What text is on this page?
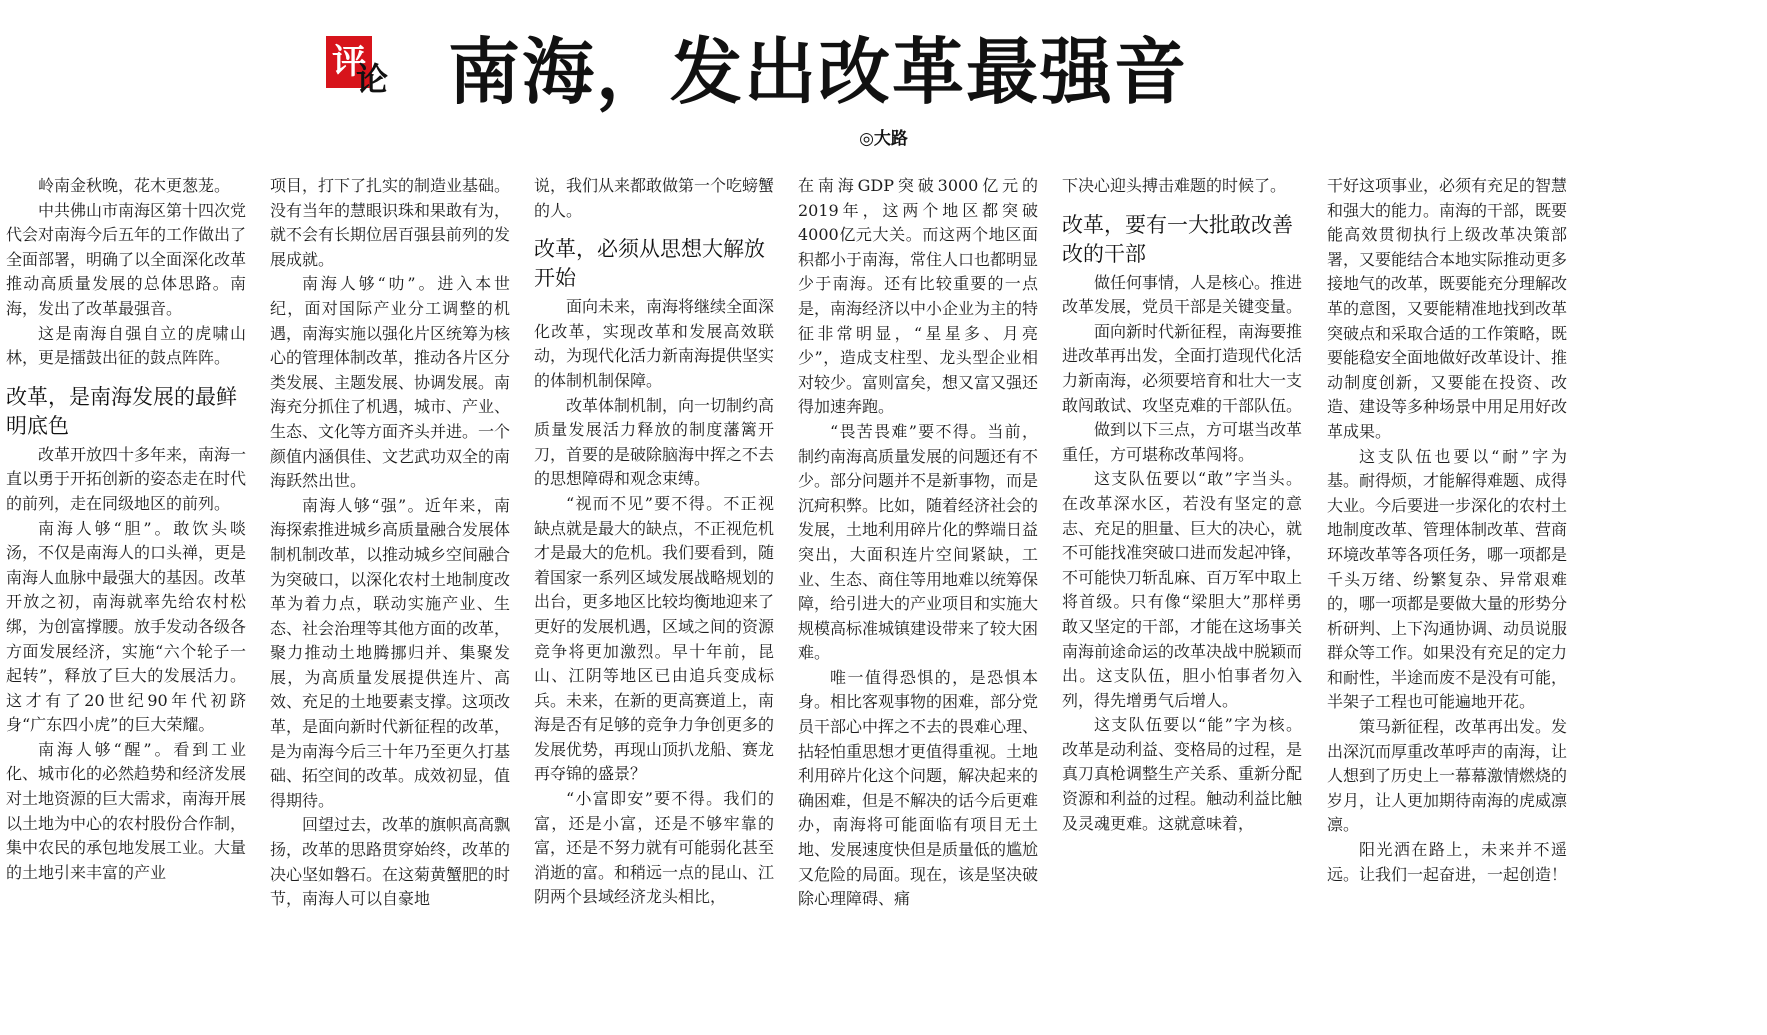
评
论 南海，发出改革最强音
◎大路

岭南金秋晚，花木更葱茏。

中共佛山市南海区第十四次党代会对南海今后五年的工作做出了全面部署，明确了以全面深化改革推动高质量发展的总体思路。南海，发出了改革最强音。

这是南海自强自立的虎啸山林，更是擂鼓出征的鼓点阵阵。

改革，是南海发展的最鲜明底色

改革开放四十多年来，南海一直以勇于开拓创新的姿态走在时代的前列，走在同级地区的前列。

南海人够“胆”。敢饮头啖汤，不仅是南海人的口头禅，更是南海人血脉中最强大的基因。改革开放之初，南海就率先给农村松绑，为创富撑腰。放手发动各级各方面发展经济，实施“六个轮子一起转”，释放了巨大的发展活力。这才有了20世纪90年代初跻身“广东四小虎”的巨大荣耀。

南海人够“醒”。看到工业化、城市化的必然趋势和经济发展对土地资源的巨大需求，南海开展以土地为中心的农村股份合作制，集中农民的承包地发展工业。大量的土地引来丰富的产业

项目，打下了扎实的制造业基础。没有当年的慧眼识珠和果敢有为，就不会有长期位居百强县前列的发展成就。

南海人够“叻”。进入本世纪，面对国际产业分工调整的机遇，南海实施以强化片区统筹为核心的管理体制改革，推动各片区分类发展、主题发展、协调发展。南海充分抓住了机遇，城市、产业、生态、文化等方面齐头并进。一个颜值内涵俱佳、文艺武功双全的南海跃然出世。

南海人够“强”。近年来，南海探索推进城乡高质量融合发展体制机制改革，以推动城乡空间融合为突破口，以深化农村土地制度改革为着力点，联动实施产业、生态、社会治理等其他方面的改革，聚力推动土地腾挪归并、集聚发展，为高质量发展提供连片、高效、充足的土地要素支撑。这项改革，是面向新时代新征程的改革，是为南海今后三十年乃至更久打基础、拓空间的改革。成效初显，值得期待。

回望过去，改革的旗帜高高飘扬，改革的思路贯穿始终，改革的决心坚如磐石。在这菊黄蟹肥的时节，南海人可以自豪地

说，我们从来都敢做第一个吃螃蟹的人。

改革，必须从思想大解放开始

面向未来，南海将继续全面深化改革，实现改革和发展高效联动，为现代化活力新南海提供坚实的体制机制保障。

改革体制机制，向一切制约高质量发展活力释放的制度藩篱开刀，首要的是破除脑海中挥之不去的思想障碍和观念束缚。

“视而不见”要不得。不正视缺点就是最大的缺点，不正视危机才是最大的危机。我们要看到，随着国家一系列区域发展战略规划的出台，更多地区比较均衡地迎来了更好的发展机遇，区域之间的资源竞争将更加激烈。早十年前，昆山、江阴等地区已由追兵变成标兵。未来，在新的更高赛道上，南海是否有足够的竞争力争创更多的发展优势，再现山顶扒龙船、赛龙再夺锦的盛景？

“小富即安”要不得。我们的富，还是小富，还是不够牢靠的富，还是不努力就有可能弱化甚至消逝的富。和稍远一点的昆山、江阴两个县域经济龙头相比，

在南海GDP突破3000亿元的2019年，这两个地区都突破4000亿元大关。而这两个地区面积都小于南海，常住人口也都明显少于南海。还有比较重要的一点是，南海经济以中小企业为主的特征非常明显，“星星多、月亮少”，造成支柱型、龙头型企业相对较少。富则富矣，想又富又强还得加速奔跑。

“畏苦畏难”要不得。当前，制约南海高质量发展的问题还有不少。部分问题并不是新事物，而是沉疴积弊。比如，随着经济社会的发展，土地利用碎片化的弊端日益突出，大面积连片空间紧缺，工业、生态、商住等用地难以统筹保障，给引进大的产业项目和实施大规模高标准城镇建设带来了较大困难。

唯一值得恐惧的，是恐惧本身。相比客观事物的困难，部分党员干部心中挥之不去的畏难心理、拈轻怕重思想才更值得重视。土地利用碎片化这个问题，解决起来的确困难，但是不解决的话今后更难办，南海将可能面临有项目无土地、发展速度快但是质量低的尴尬又危险的局面。现在，该是坚决破除心理障碍、痛

下决心迎头搏击难题的时候了。

改革，要有一大批敢改善改的干部

做任何事情，人是核心。推进改革发展，党员干部是关键变量。

面向新时代新征程，南海要推进改革再出发，全面打造现代化活力新南海，必须要培育和壮大一支敢闯敢试、攻坚克难的干部队伍。

做到以下三点，方可堪当改革重任，方可堪称改革闯将。

这支队伍要以“敢”字当头。在改革深水区，若没有坚定的意志、充足的胆量、巨大的决心，就不可能找准突破口进而发起冲锋，不可能快刀斩乱麻、百万军中取上将首级。只有像“梁胆大”那样勇敢又坚定的干部，才能在这场事关南海前途命运的改革决战中脱颖而出。这支队伍，胆小怕事者勿入列，得先增勇气后增人。

这支队伍要以“能”字为核。改革是动利益、变格局的过程，是真刀真枪调整生产关系、重新分配资源和利益的过程。触动利益比触及灵魂更难。这就意味着，

干好这项事业，必须有充足的智慧和强大的能力。南海的干部，既要能高效贯彻执行上级改革决策部署，又要能结合本地实际推动更多接地气的改革，既要能充分理解改革的意图，又要能精准地找到改革突破点和采取合适的工作策略，既要能稳安全面地做好改革设计、推动制度创新，又要能在投资、改造、建设等多种场景中用足用好改革成果。

这支队伍也要以“耐”字为基。耐得烦，才能解得难题、成得大业。今后要进一步深化的农村土地制度改革、管理体制改革、营商环境改革等各项任务，哪一项都是千头万绪、纷繁复杂、异常艰难的，哪一项都是要做大量的形势分析研判、上下沟通协调、动员说服群众等工作。如果没有充足的定力和耐性，半途而废不是没有可能，半架子工程也可能遍地开花。

策马新征程，改革再出发。发出深沉而厚重改革呼声的南海，让人想到了历史上一幕幕激情燃烧的岁月，让人更加期待南海的虎威凛凛。

阳光洒在路上，未来并不遥远。让我们一起奋进，一起创造！
